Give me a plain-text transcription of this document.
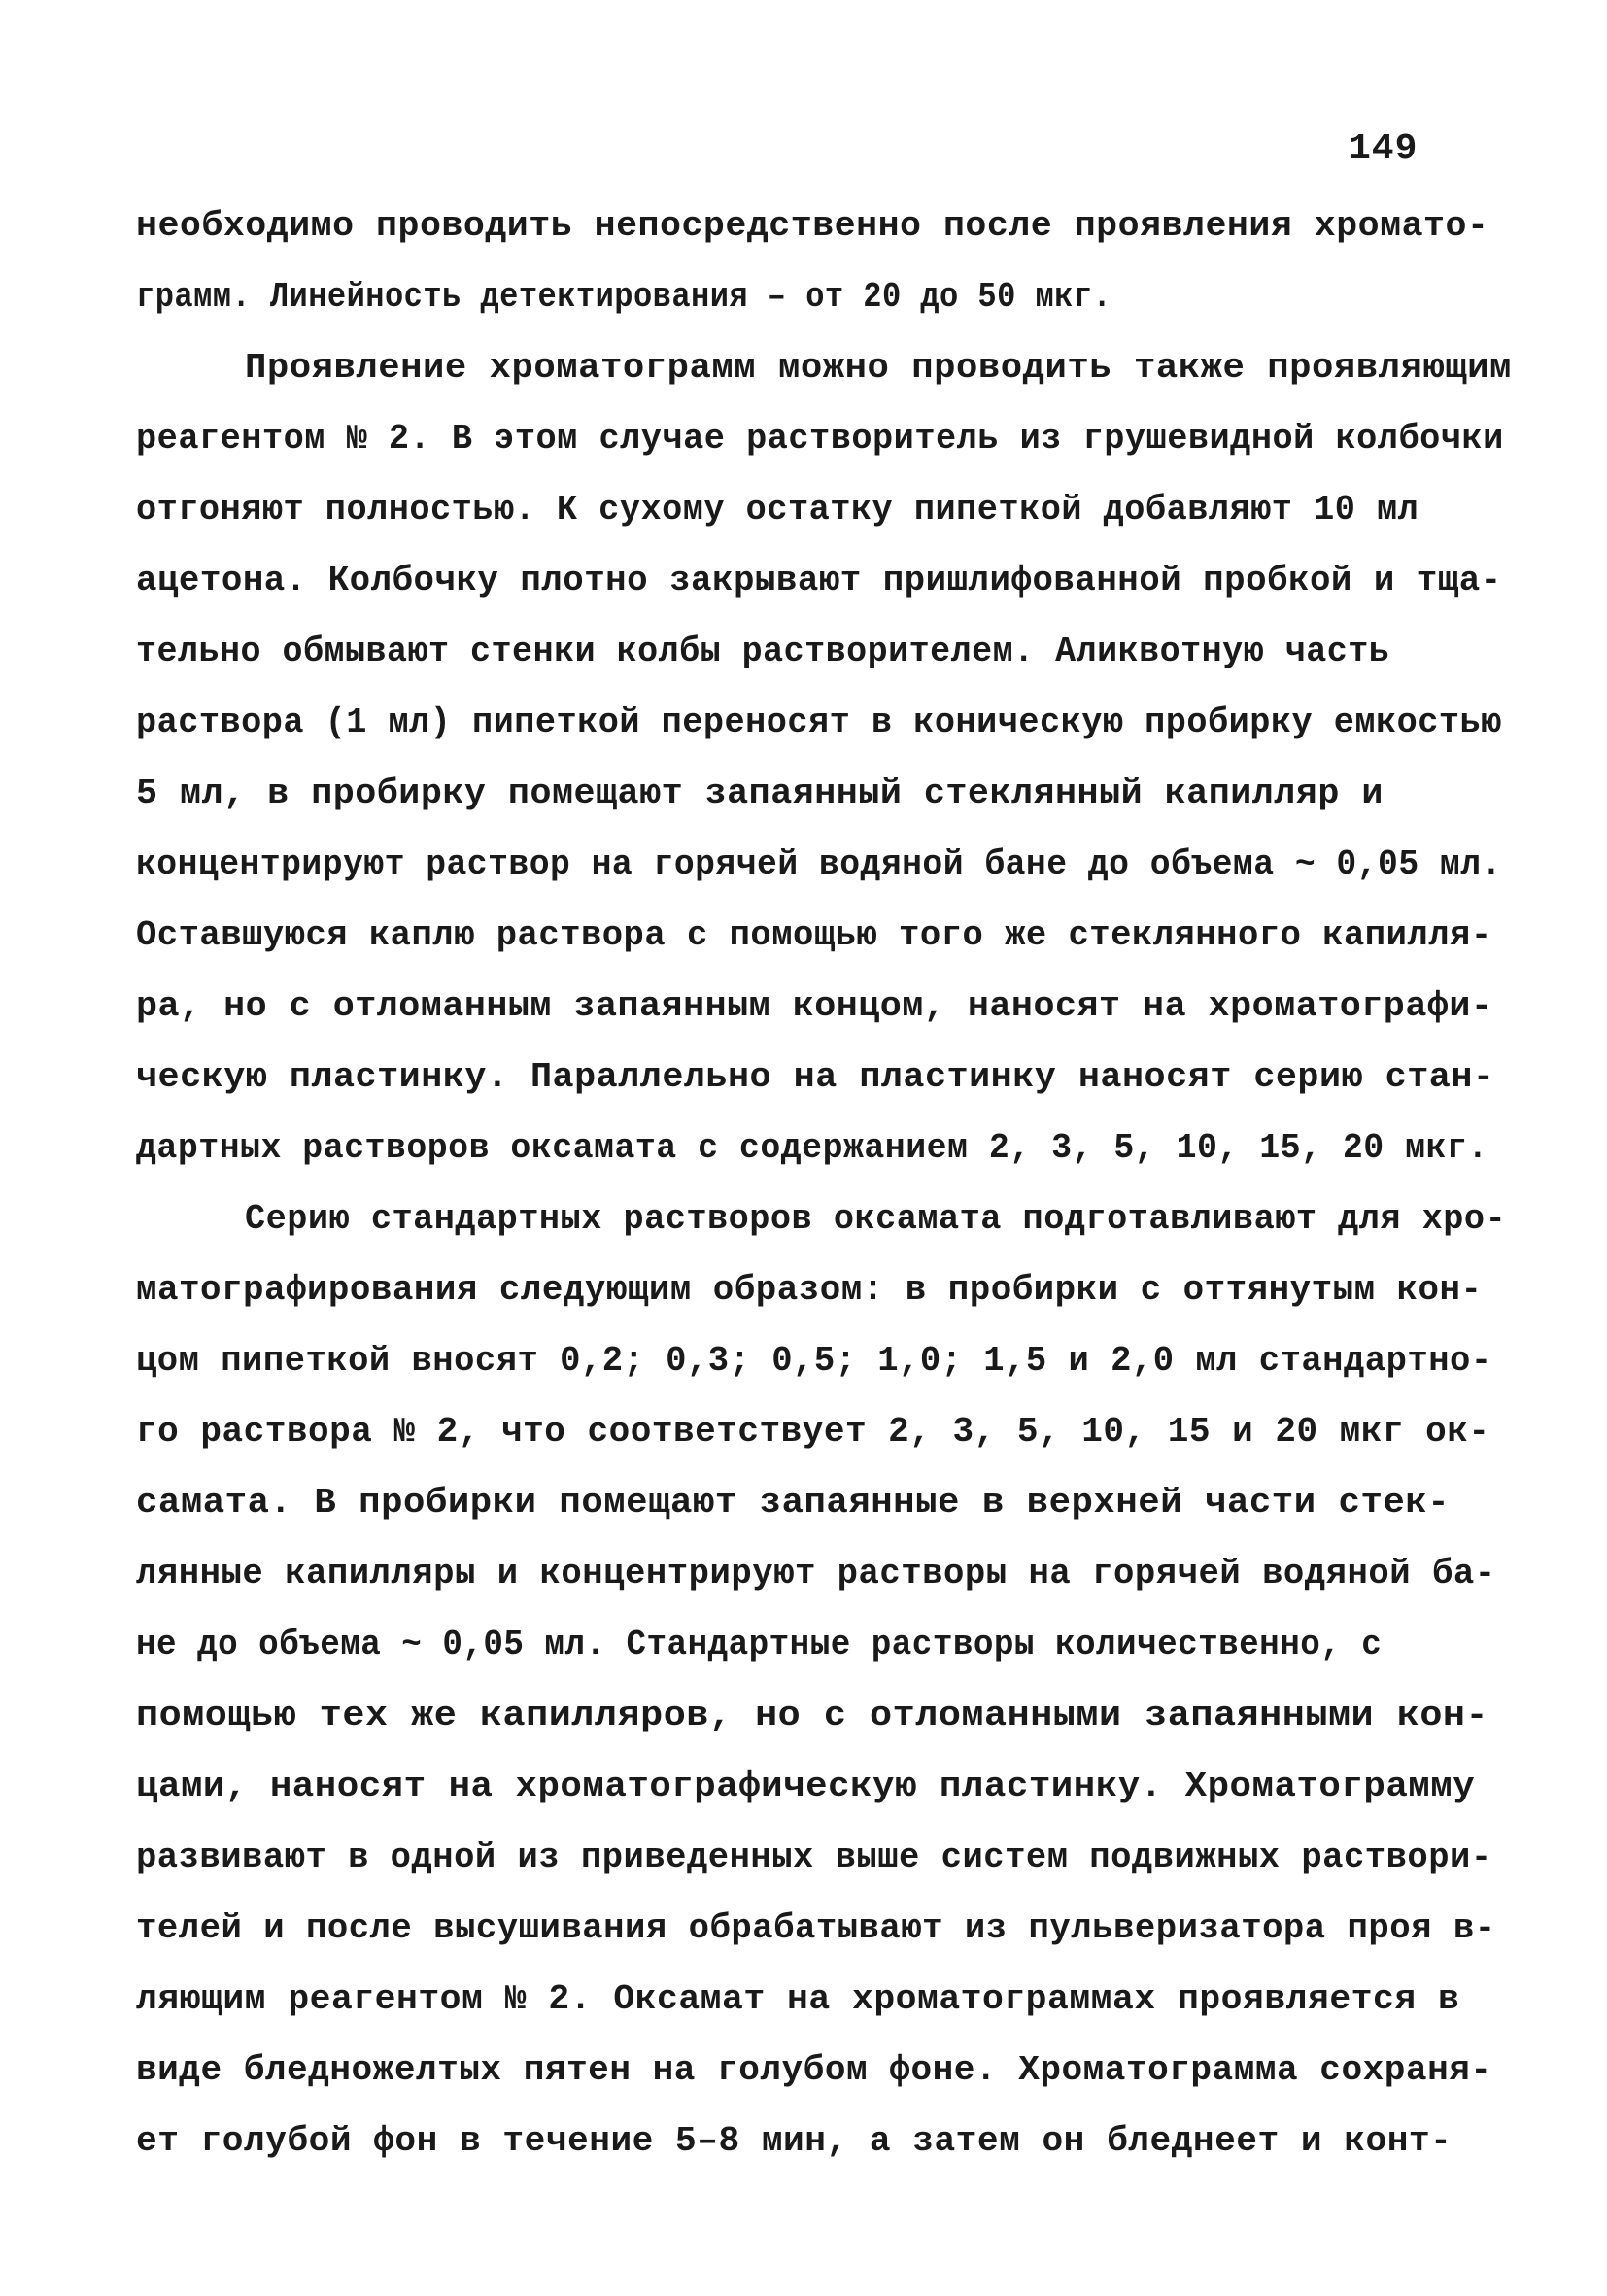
149
необходимо проводить непосредственно после проявления хромато-
грамм. Линейность детектирования – от 20 до 50 мкг.
Проявление хроматограмм можно проводить также проявляющим
реагентом № 2. В этом случае растворитель из грушевидной колбочки
отгоняют полностью. К сухому остатку пипеткой добавляют 10 мл
ацетона. Колбочку плотно закрывают пришлифованной пробкой и тща-
тельно обмывают стенки колбы растворителем. Аликвотную часть
раствора (1 мл) пипеткой переносят в коническую пробирку емкостью
5 мл, в пробирку помещают запаянный стеклянный капилляр и
концентрируют раствор на горячей водяной бане до объема ~ 0,05 мл.
Оставшуюся каплю раствора с помощью того же стеклянного капилля-
ра, но с отломанным запаянным концом, наносят на хроматографи-
ческую пластинку. Параллельно на пластинку наносят серию стан-
дартных растворов оксамата с содержанием 2, 3, 5, 10, 15, 20 мкг.
Серию стандартных растворов оксамата подготавливают для хро-
матографирования следующим образом: в пробирки с оттянутым кон-
цом пипеткой вносят 0,2; 0,3; 0,5; 1,0; 1,5 и 2,0 мл стандартно-
го раствора № 2, что соответствует 2, 3, 5, 10, 15 и 20 мкг ок-
самата. В пробирки помещают запаянные в верхней части стек-
лянные капилляры и концентрируют растворы на горячей водяной ба-
не до объема ~ 0,05 мл. Стандартные растворы количественно, с
помощью тех же капилляров, но с отломанными запаянными кон-
цами, наносят на хроматографическую пластинку. Хроматограмму
развивают в одной из приведенных выше систем подвижных раствори-
телей и после высушивания обрабатывают из пульверизатора проя в-
ляющим реагентом № 2. Оксамат на хроматограммах проявляется в
виде бледножелтых пятен на голубом фоне. Хроматограмма сохраня-
ет голубой фон в течение 5–8 мин, а затем он бледнеет и конт-
